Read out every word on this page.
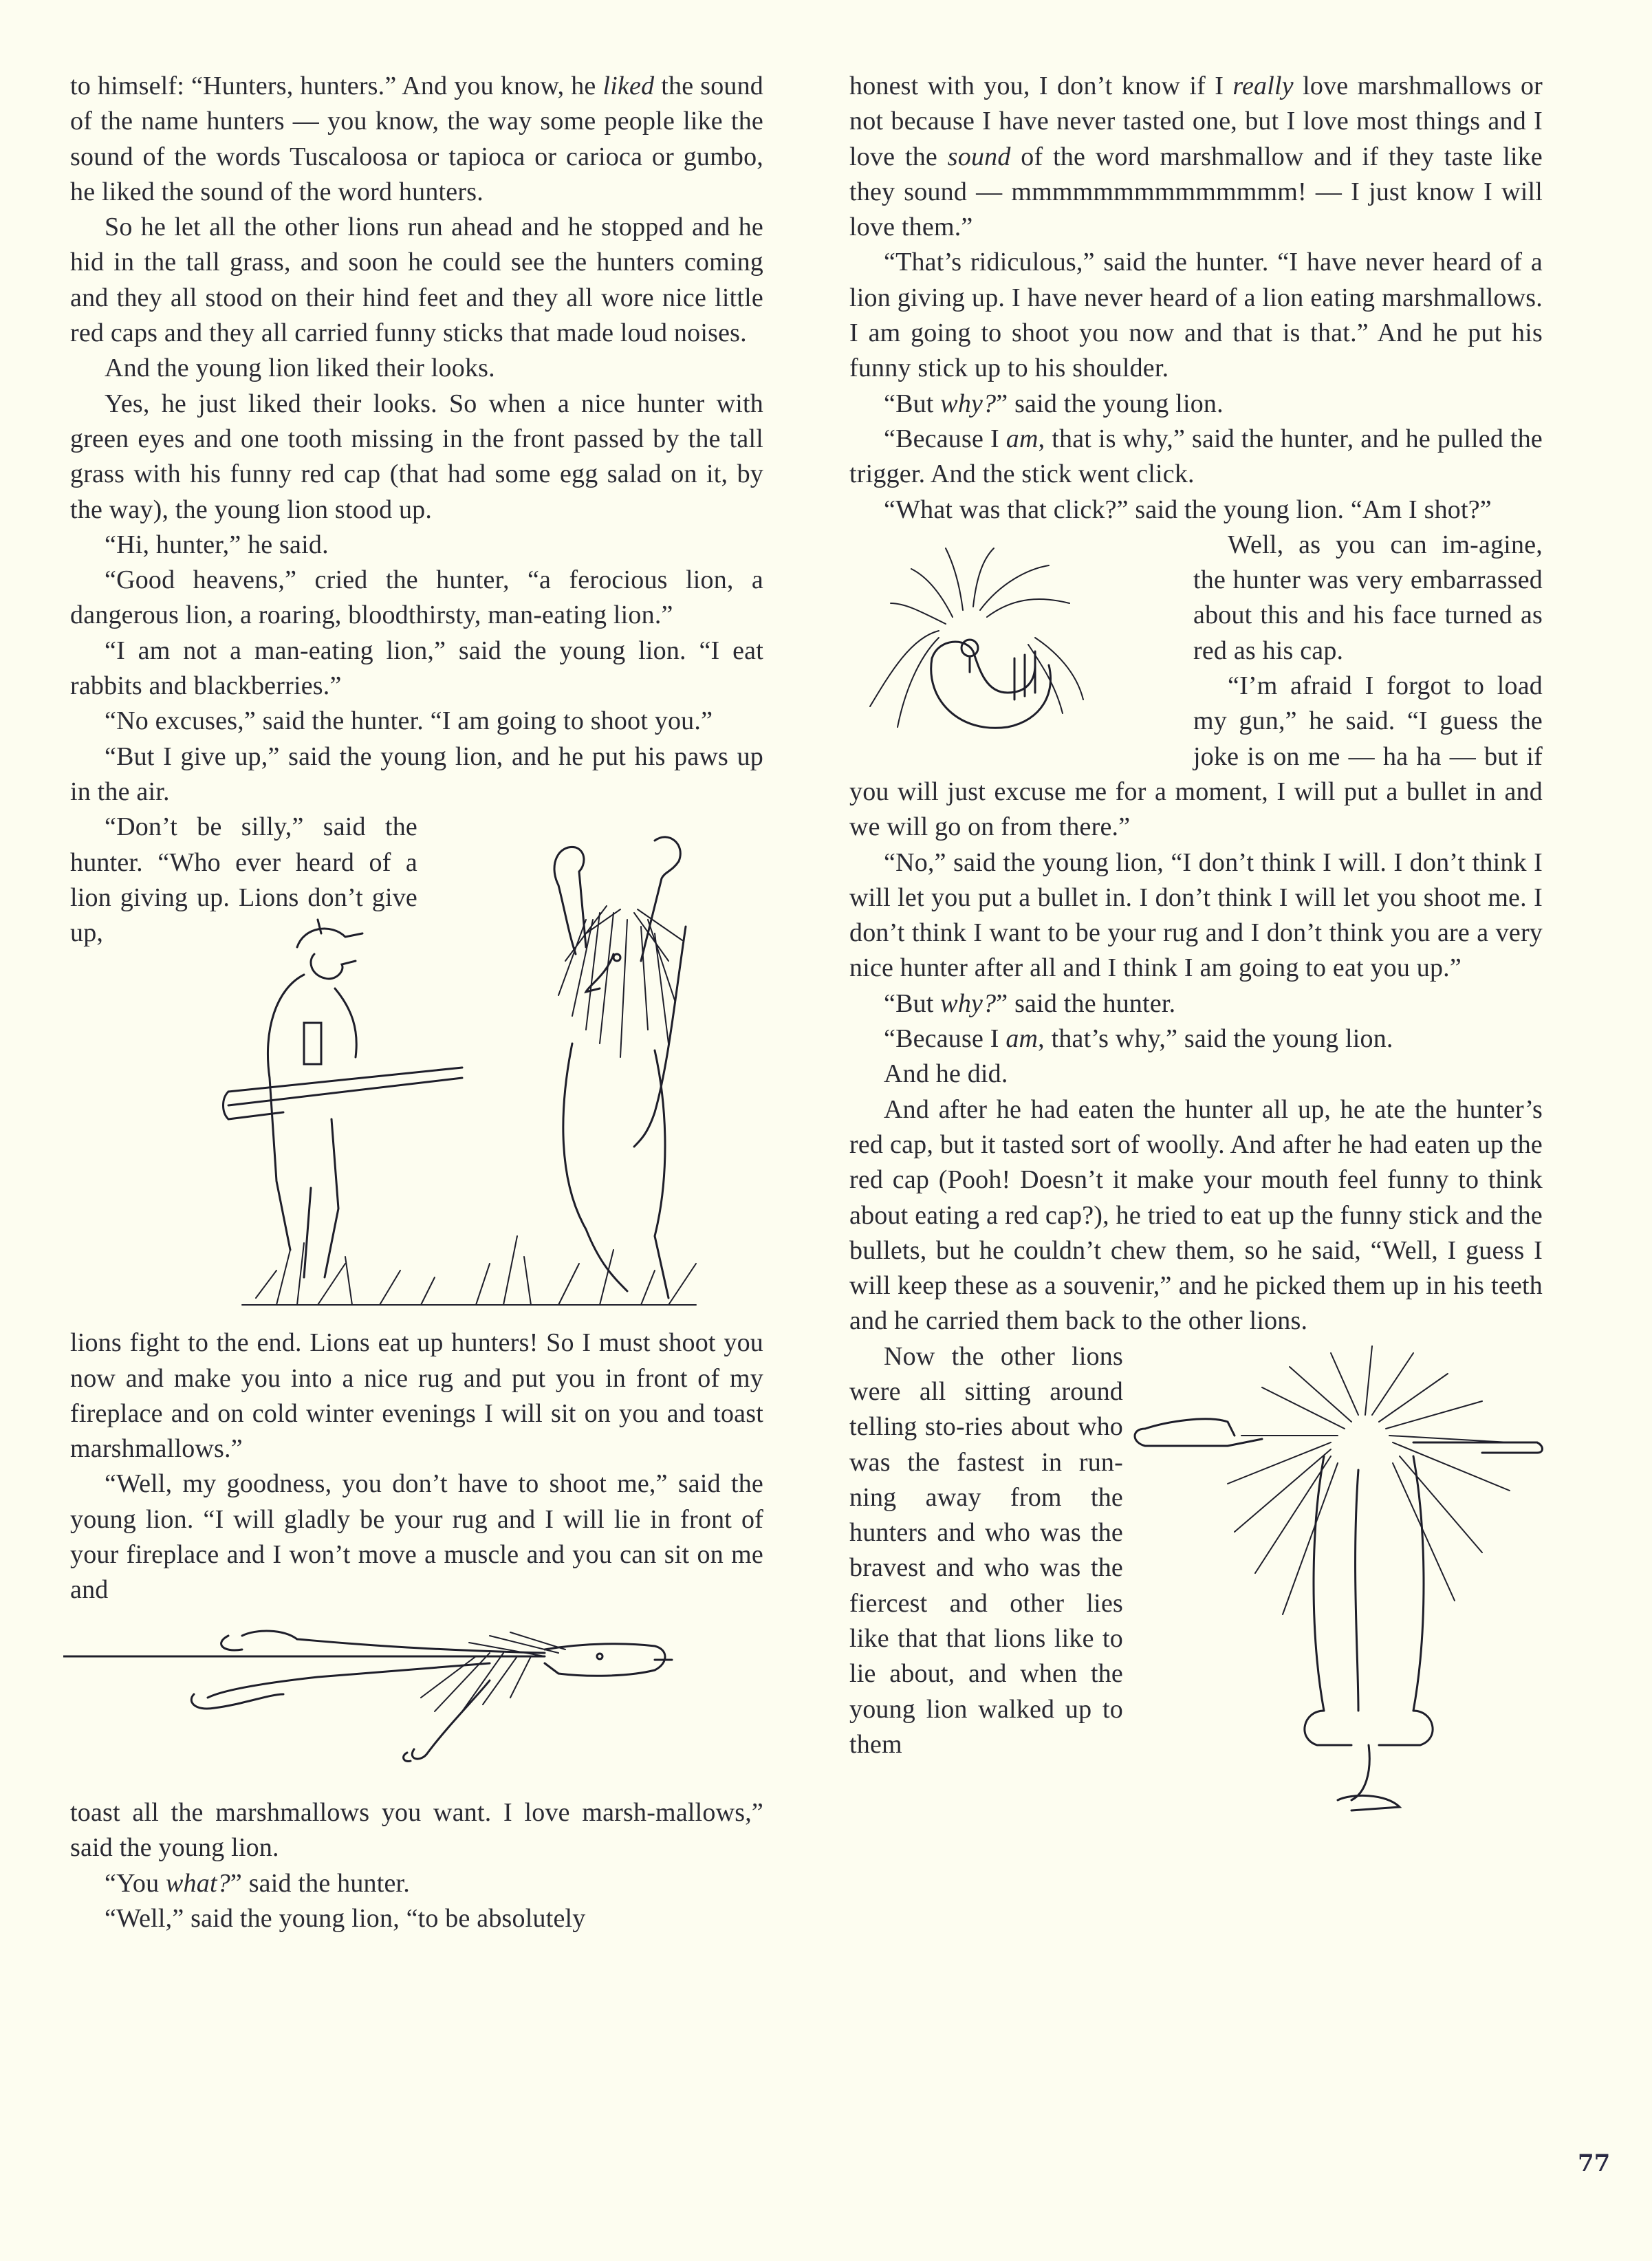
to himself: “Hunters, hunters.” And you know, he liked the sound of the name hunters — you know, the way some people like the sound of the words Tuscaloosa or tapioca or carioca or gumbo, he liked the sound of the word hunters.

So he let all the other lions run ahead and he stopped and he hid in the tall grass, and soon he could see the hunters coming and they all stood on their hind feet and they all wore nice little red caps and they all carried funny sticks that made loud noises.

And the young lion liked their looks.

Yes, he just liked their looks. So when a nice hunter with green eyes and one tooth missing in the front passed by the tall grass with his funny red cap (that had some egg salad on it, by the way), the young lion stood up.

“Hi, hunter,” he said.

“Good heavens,” cried the hunter, “a ferocious lion, a dangerous lion, a roaring, bloodthirsty, man-eating lion.”

“I am not a man-eating lion,” said the young lion. “I eat rabbits and blackberries.”

“No excuses,” said the hunter. “I am going to shoot you.”

“But I give up,” said the young lion, and he put his paws up in the air.

“Don’t be silly,” said the hunter. “Who ever heard of a lion giving up. Lions don’t give up,

lions fight to the end. Lions eat up hunters! So I must shoot you now and make you into a nice rug and put you in front of my fireplace and on cold winter evenings I will sit on you and toast marshmallows.”

“Well, my goodness, you don’t have to shoot me,” said the young lion. “I will gladly be your rug and I will lie in front of your fireplace and I won’t move a muscle and you can sit on me and

toast all the marshmallows you want. I love marsh-mallows,” said the young lion.

“You what?” said the hunter.

“Well,” said the young lion, “to be absolutely

honest with you, I don’t know if I really love marshmallows or not because I have never tasted one, but I love most things and I love the sound of the word marshmallow and if they taste like they sound — mmmmmmmmmmmmmm! — I just know I will love them.”

“That’s ridiculous,” said the hunter. “I have never heard of a lion giving up. I have never heard of a lion eating marshmallows. I am going to shoot you now and that is that.” And he put his funny stick up to his shoulder.

“But why?” said the young lion.

“Because I am, that is why,” said the hunter, and he pulled the trigger. And the stick went click.

“What was that click?” said the young lion. “Am I shot?”

Well, as you can im-agine, the hunter was very embarrassed about this and his face turned as red as his cap.

“I’m afraid I forgot to load my gun,” he said. “I guess the joke is on me — ha ha — but if you will just excuse me for a moment, I will put a bullet in and we will go on from there.”

“No,” said the young lion, “I don’t think I will. I don’t think I will let you put a bullet in. I don’t think I will let you shoot me. I don’t think I want to be your rug and I don’t think you are a very nice hunter after all and I think I am going to eat you up.”

“But why?” said the hunter.

“Because I am, that’s why,” said the young lion.

And he did.

And after he had eaten the hunter all up, he ate the hunter’s red cap, but it tasted sort of woolly. And after he had eaten up the red cap (Pooh! Doesn’t it make your mouth feel funny to think about eating a red cap?), he tried to eat up the funny stick and the bullets, but he couldn’t chew them, so he said, “Well, I guess I will keep these as a souvenir,” and he picked them up in his teeth and he carried them back to the other lions.

Now the other lions were all sitting around telling sto-ries about who was the fastest in run-ning away from the hunters and who was the bravest and who was the fiercest and other lies like that that lions like to lie about, and when the young lion walked up to them

77
